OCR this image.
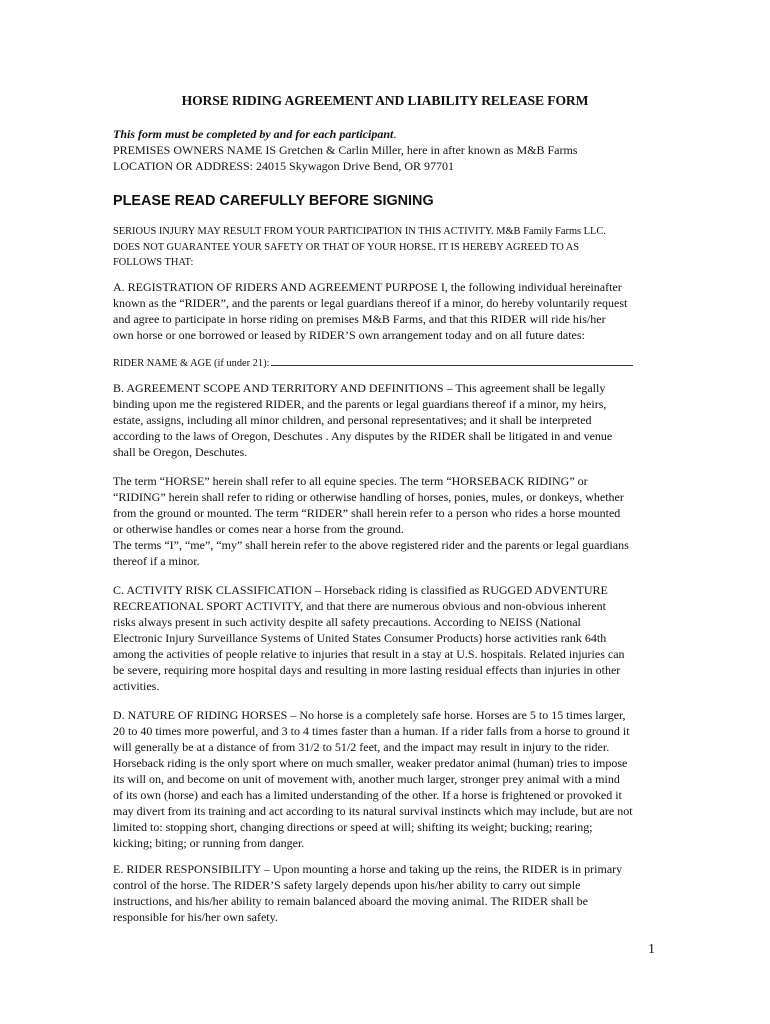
HORSE RIDING AGREEMENT AND LIABILITY RELEASE FORM
This form must be completed by and for each participant.
PREMISES OWNERS NAME IS Gretchen & Carlin Miller, here in after known as M&B Farms
LOCATION OR ADDRESS: 24015 Skywagon Drive Bend, OR 97701
PLEASE READ CAREFULLY BEFORE SIGNING
SERIOUS INJURY MAY RESULT FROM YOUR PARTICIPATION IN THIS ACTIVITY. M&B Family Farms LLC.
DOES NOT GUARANTEE YOUR SAFETY OR THAT OF YOUR HORSE. IT IS HEREBY AGREED TO AS
FOLLOWS THAT:
A. REGISTRATION OF RIDERS AND AGREEMENT PURPOSE I, the following individual hereinafter
known as the “RIDER”, and the parents or legal guardians thereof if a minor, do hereby voluntarily request
and agree to participate in horse riding on premises M&B Farms, and that this RIDER will ride his/her
own horse or one borrowed or leased by RIDER’S own arrangement today and on all future dates:
RIDER NAME & AGE (if under 21):
B. AGREEMENT SCOPE AND TERRITORY AND DEFINITIONS – This agreement shall be legally
binding upon me the registered RIDER, and the parents or legal guardians thereof if a minor, my heirs,
estate, assigns, including all minor children, and personal representatives; and it shall be interpreted
according to the laws of Oregon, Deschutes . Any disputes by the RIDER shall be litigated in and venue
shall be Oregon, Deschutes.
The term “HORSE” herein shall refer to all equine species. The term “HORSEBACK RIDING” or
“RIDING” herein shall refer to riding or otherwise handling of horses, ponies, mules, or donkeys, whether
from the ground or mounted. The term “RIDER” shall herein refer to a person who rides a horse mounted
or otherwise handles or comes near a horse from the ground.
The terms “I”, “me”, “my” shall herein refer to the above registered rider and the parents or legal guardians
thereof if a minor.
C. ACTIVITY RISK CLASSIFICATION – Horseback riding is classified as RUGGED ADVENTURE
RECREATIONAL SPORT ACTIVITY, and that there are numerous obvious and non-obvious inherent
risks always present in such activity despite all safety precautions. According to NEISS (National
Electronic Injury Surveillance Systems of United States Consumer Products) horse activities rank 64th
among the activities of people relative to injuries that result in a stay at U.S. hospitals. Related injuries can
be severe, requiring more hospital days and resulting in more lasting residual effects than injuries in other
activities.
D. NATURE OF RIDING HORSES – No horse is a completely safe horse. Horses are 5 to 15 times larger,
20 to 40 times more powerful, and 3 to 4 times faster than a human. If a rider falls from a horse to ground it
will generally be at a distance of from 31/2 to 51/2 feet, and the impact may result in injury to the rider.
Horseback riding is the only sport where on much smaller, weaker predator animal (human) tries to impose
its will on, and become on unit of movement with, another much larger, stronger prey animal with a mind
of its own (horse) and each has a limited understanding of the other. If a horse is frightened or provoked it
may divert from its training and act according to its natural survival instincts which may include, but are not
limited to: stopping short, changing directions or speed at will; shifting its weight; bucking; rearing;
kicking; biting; or running from danger.
E. RIDER RESPONSIBILITY – Upon mounting a horse and taking up the reins, the RIDER is in primary
control of the horse. The RIDER’S safety largely depends upon his/her ability to carry out simple
instructions, and his/her ability to remain balanced aboard the moving animal. The RIDER shall be
responsible for his/her own safety.
1
